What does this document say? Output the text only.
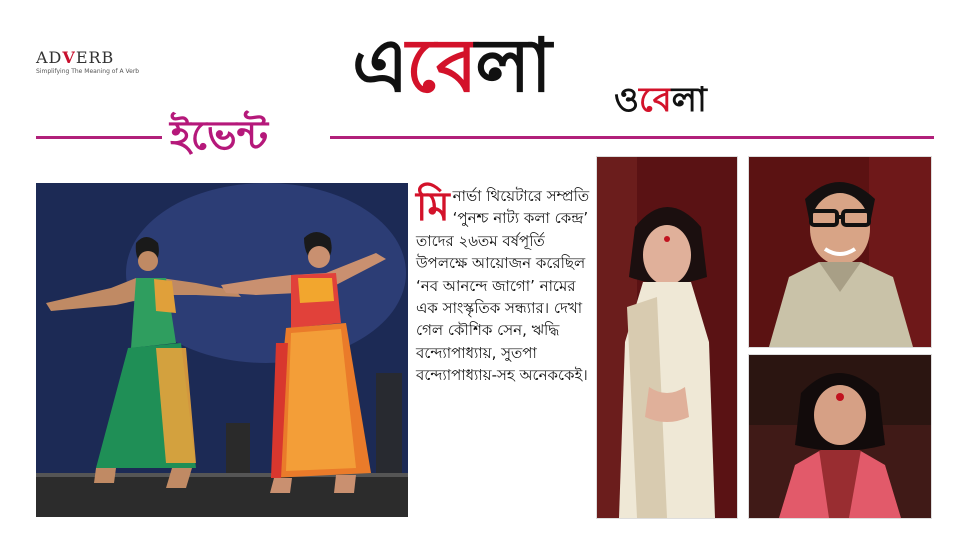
ADVERB
Simplifying The Meaning of A Verb	এবেলা ওবেলা
ইভেন্ট
মিনার্ভা থিয়েটারে সম্প্রতি ‘পুনশ্চ নাট্য কলা কেন্দ্র’ তাদের ২৬তম বর্ষপূর্তি উপলক্ষে আয়োজন করেছিল ‘নব আনন্দে জাগো’ নামের এক সাংস্কৃতিক সন্ধ্যার। দেখা গেল কৌশিক সেন, ঋদ্ধি বন্দ্যোপাধ্যায়, সুতপা বন্দ্যোপাধ্যায়-সহ অনেককেই।
